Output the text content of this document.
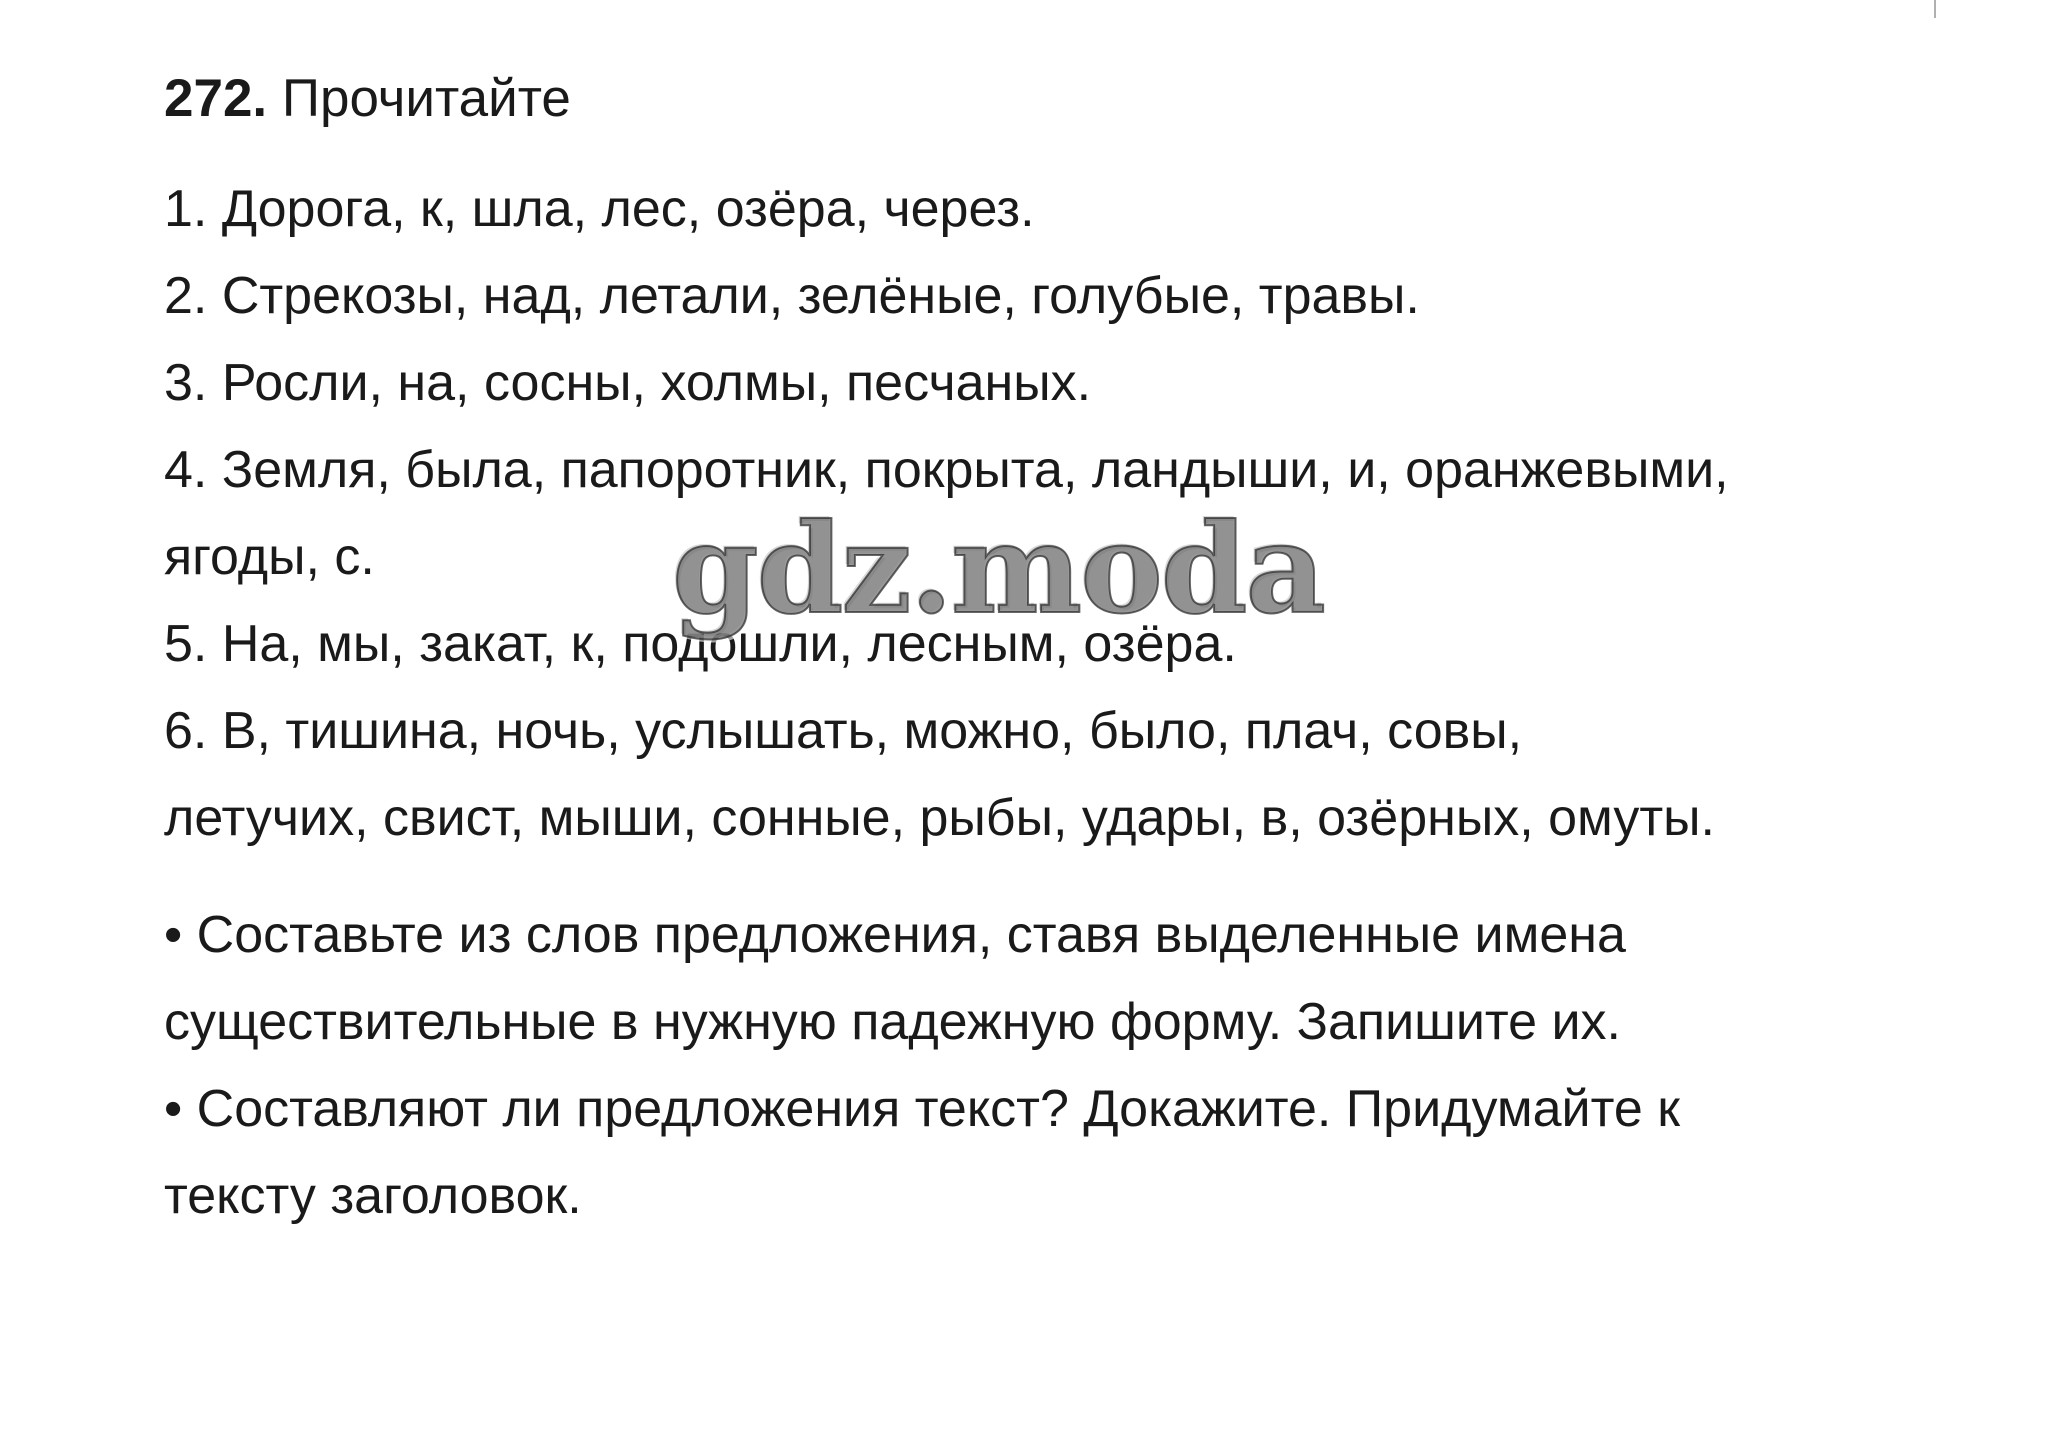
272. Прочитайте
1. Дорога, к, шла, лес, озёра, через.
2. Стрекозы, над, летали, зелёные, голубые, травы.
3. Росли, на, сосны, холмы, песчаных.
4. Земля, была, папоротник, покрыта, ландыши, и, оранжевыми,
ягоды, с.
5. На, мы, закат, к, подошли, лесным, озёра.
6. В, тишина, ночь, услышать, можно, было, плач, совы,
летучих, свист, мыши, сонные, рыбы, удары, в, озёрных, омуты.
• Составьте из слов предложения, ставя выделенные имена
существительные в нужную падежную форму. Запишите их.
• Составляют ли предложения текст? Докажите. Придумайте к
тексту заголовок.
gdz.moda
